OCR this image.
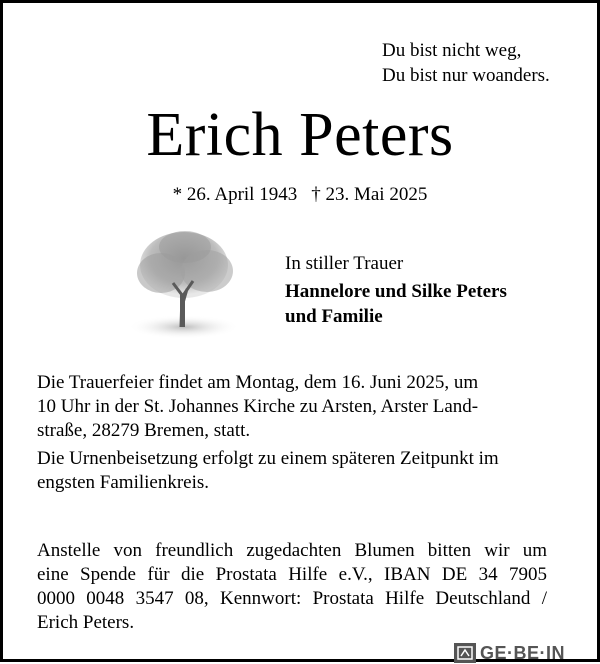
Du bist nicht weg,
Du bist nur woanders.
Erich Peters
* 26. April 1943 † 23. Mai 2025
In stiller Trauer
Hannelore und Silke Peters
und Familie

Die Trauerfeier findet am Montag, dem 16. Juni 2025, um
10 Uhr in der St. Johannes Kirche zu Arsten, Arster Land-
straße, 28279 Bremen, statt.

Die Urnenbeisetzung erfolgt zu einem späteren Zeitpunkt im
engsten Familienkreis.

Anstelle von freundlich zugedachten Blumen bitten wir um
eine Spende für die Prostata Hilfe e.V., IBAN DE 34 7905
0000 0048 3547 08, Kennwort: Prostata Hilfe Deutschland /
Erich Peters.
GE·BE·IN
